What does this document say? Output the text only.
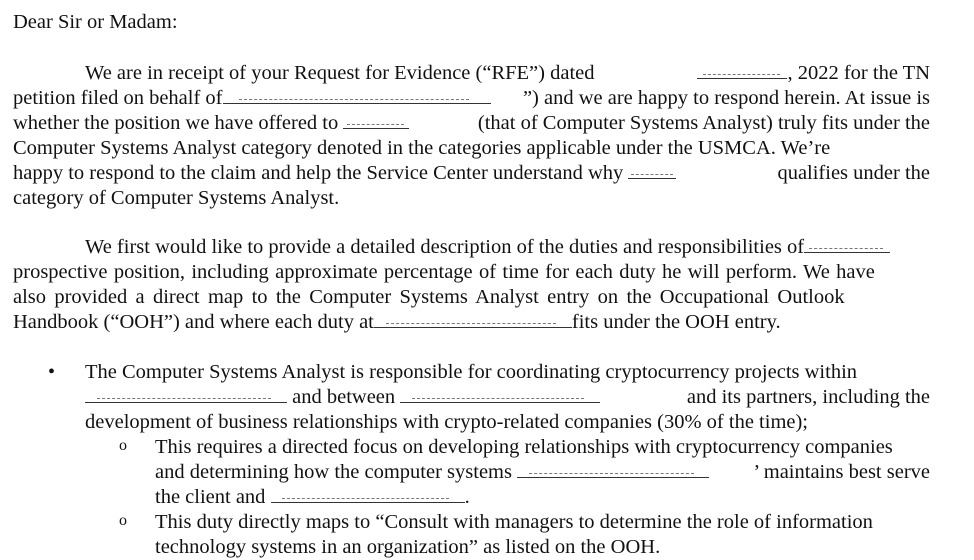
Dear Sir or Madam:
We are in receipt of your Request for Evidence (“RFE”) dated	, 2022 for the TN
petition filed on behalf of	”) and we are happy to respond herein. At issue is
whether the position we have offered to	(that of Computer Systems Analyst) truly fits under the
Computer Systems Analyst category denoted in the categories applicable under the USMCA. We’re
happy to respond to the claim and help the Service Center understand why	qualifies under the
category of Computer Systems Analyst.
We first would like to provide a detailed description of the duties and responsibilities of
prospective position, including approximate percentage of time for each duty he will perform. We have
also provided a direct map to the Computer Systems Analyst entry on the Occupational Outlook
Handbook (“OOH”) and where each duty at	fits under the OOH entry.
• The Computer Systems Analyst is responsible for coordinating cryptocurrency projects within
and between	and its partners, including the
development of business relationships with crypto-related companies (30% of the time);
o This requires a directed focus on developing relationships with cryptocurrency companies
and determining how the computer systems	’ maintains best serve
the client and	.
o This duty directly maps to “Consult with managers to determine the role of information
technology systems in an organization” as listed on the OOH.
